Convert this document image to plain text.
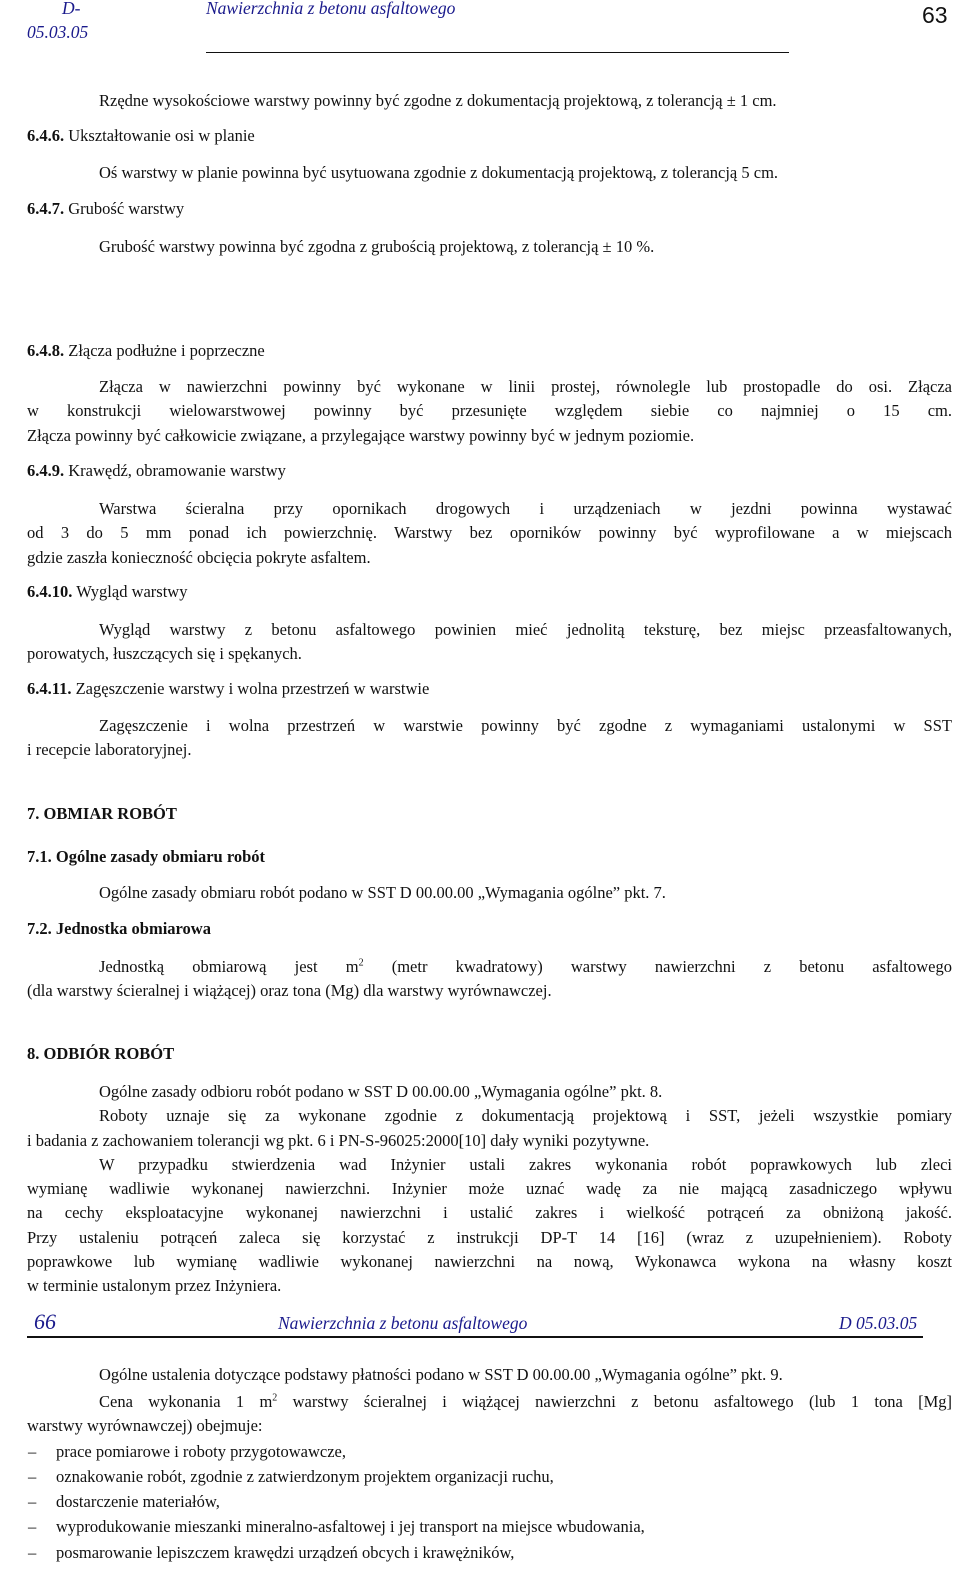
D-
05.03.05
Nawierzchnia z betonu asfaltowego	63
Rzędne wysokościowe warstwy powinny być zgodne z dokumentacją projektową, z tolerancją ± 1 cm.
6.4.6. Ukształtowanie osi w planie
Oś warstwy w planie powinna być usytuowana zgodnie z dokumentacją projektową, z tolerancją 5 cm.
6.4.7. Grubość warstwy
Grubość warstwy powinna być zgodna z grubością projektową, z tolerancją ± 10 %.
6.4.8. Złącza podłużne i poprzeczne
Złącza w nawierzchni powinny być wykonane w linii prostej, równolegle lub prostopadle do osi. Złącza
w konstrukcji wielowarstwowej powinny być przesunięte względem siebie co najmniej o 15 cm.
Złącza powinny być całkowicie związane, a przylegające warstwy powinny być w jednym poziomie.
6.4.9. Krawędź, obramowanie warstwy
Warstwa ścieralna przy opornikach drogowych i urządzeniach w jezdni powinna wystawać
od 3 do 5 mm ponad ich powierzchnię. Warstwy bez oporników powinny być wyprofilowane a w miejscach
gdzie zaszła konieczność obcięcia pokryte asfaltem.
6.4.10. Wygląd warstwy
Wygląd warstwy z betonu asfaltowego powinien mieć jednolitą teksturę, bez miejsc przeasfaltowanych,
porowatych, łuszczących się i spękanych.
6.4.11. Zagęszczenie warstwy i wolna przestrzeń w warstwie
Zagęszczenie i wolna przestrzeń w warstwie powinny być zgodne z wymaganiami ustalonymi w SST
i recepcie laboratoryjnej.
7. OBMIAR ROBÓT
7.1. Ogólne zasady obmiaru robót
Ogólne zasady obmiaru robót podano w SST D 00.00.00 „Wymagania ogólne” pkt. 7.
7.2. Jednostka obmiarowa
Jednostką obmiarową jest $m^2$ (metr kwadratowy) warstwy nawierzchni z betonu asfaltowego
(dla warstwy ścieralnej i wiążącej) oraz tona (Mg) dla warstwy wyrównawczej.
8. ODBIÓR ROBÓT
Ogólne zasady odbioru robót podano w SST D 00.00.00 „Wymagania ogólne” pkt. 8.
Roboty uznaje się za wykonane zgodnie z dokumentacją projektową i SST, jeżeli wszystkie pomiary
i badania z zachowaniem tolerancji wg pkt. 6 i PN-S-96025:2000[10] dały wyniki pozytywne.
W przypadku stwierdzenia wad Inżynier ustali zakres wykonania robót poprawkowych lub zleci
wymianę wadliwie wykonanej nawierzchni. Inżynier może uznać wadę za nie mającą zasadniczego wpływu
na cechy eksploatacyjne wykonanej nawierzchni i ustalić zakres i wielkość potrąceń za obniżoną jakość.
Przy ustaleniu potrąceń zaleca się korzystać z instrukcji DP-T 14 [16] (wraz z uzupełnieniem). Roboty
poprawkowe lub wymianę wadliwie wykonanej nawierzchni na nową, Wykonawca wykona na własny koszt
w terminie ustalonym przez Inżyniera.
66	Nawierzchnia z betonu asfaltowego	D 05.03.05
Ogólne ustalenia dotyczące podstawy płatności podano w SST D 00.00.00 „Wymagania ogólne” pkt. 9.
Cena wykonania 1 $m^2$ warstwy ścieralnej i wiążącej nawierzchni z betonu asfaltowego (lub 1 tona [Mg]
warstwy wyrównawczej) obejmuje:
– prace pomiarowe i roboty przygotowawcze,
– oznakowanie robót, zgodnie z zatwierdzonym projektem organizacji ruchu,
– dostarczenie materiałów,
– wyprodukowanie mieszanki mineralno-asfaltowej i jej transport na miejsce wbudowania,
– posmarowanie lepiszczem krawędzi urządzeń obcych i krawężników,
